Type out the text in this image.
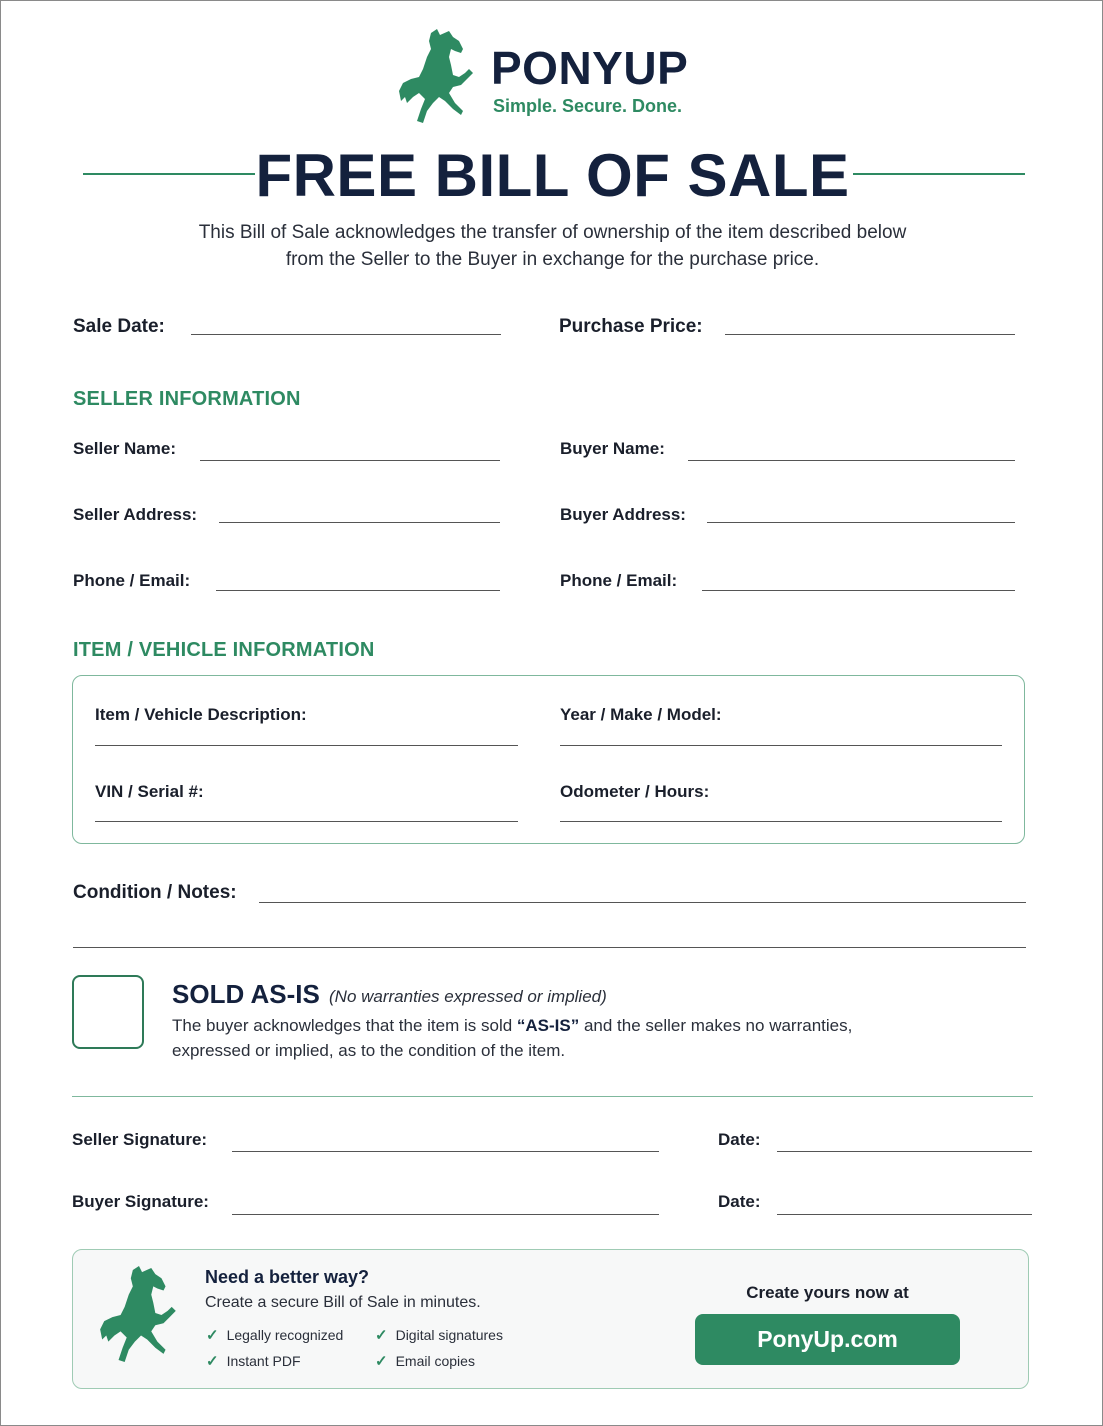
PONYUP
Simple. Secure. Done.
FREE BILL OF SALE
This Bill of Sale acknowledges the transfer of ownership of the item described below
from the Seller to the Buyer in exchange for the purchase price.
Sale Date:	Purchase Price:
SELLER INFORMATION
Seller Name:	Buyer Name:
Seller Address:	Buyer Address:
Phone / Email:	Phone / Email:
ITEM / VEHICLE INFORMATION
Item / Vehicle Description:	Year / Make / Model:
VIN / Serial #:	Odometer / Hours:
Condition / Notes:
SOLD AS-IS (No warranties expressed or implied)
The buyer acknowledges that the item is sold “AS-IS” and the seller makes no warranties,
expressed or implied, as to the condition of the item.
Seller Signature:	Date:
Buyer Signature:	Date:
Need a better way?
Create a secure Bill of Sale in minutes.
✓ Legally recognized ✓ Digital signatures
✓ Instant PDF	✓ Email copies
Create yours now at
PonyUp.com
